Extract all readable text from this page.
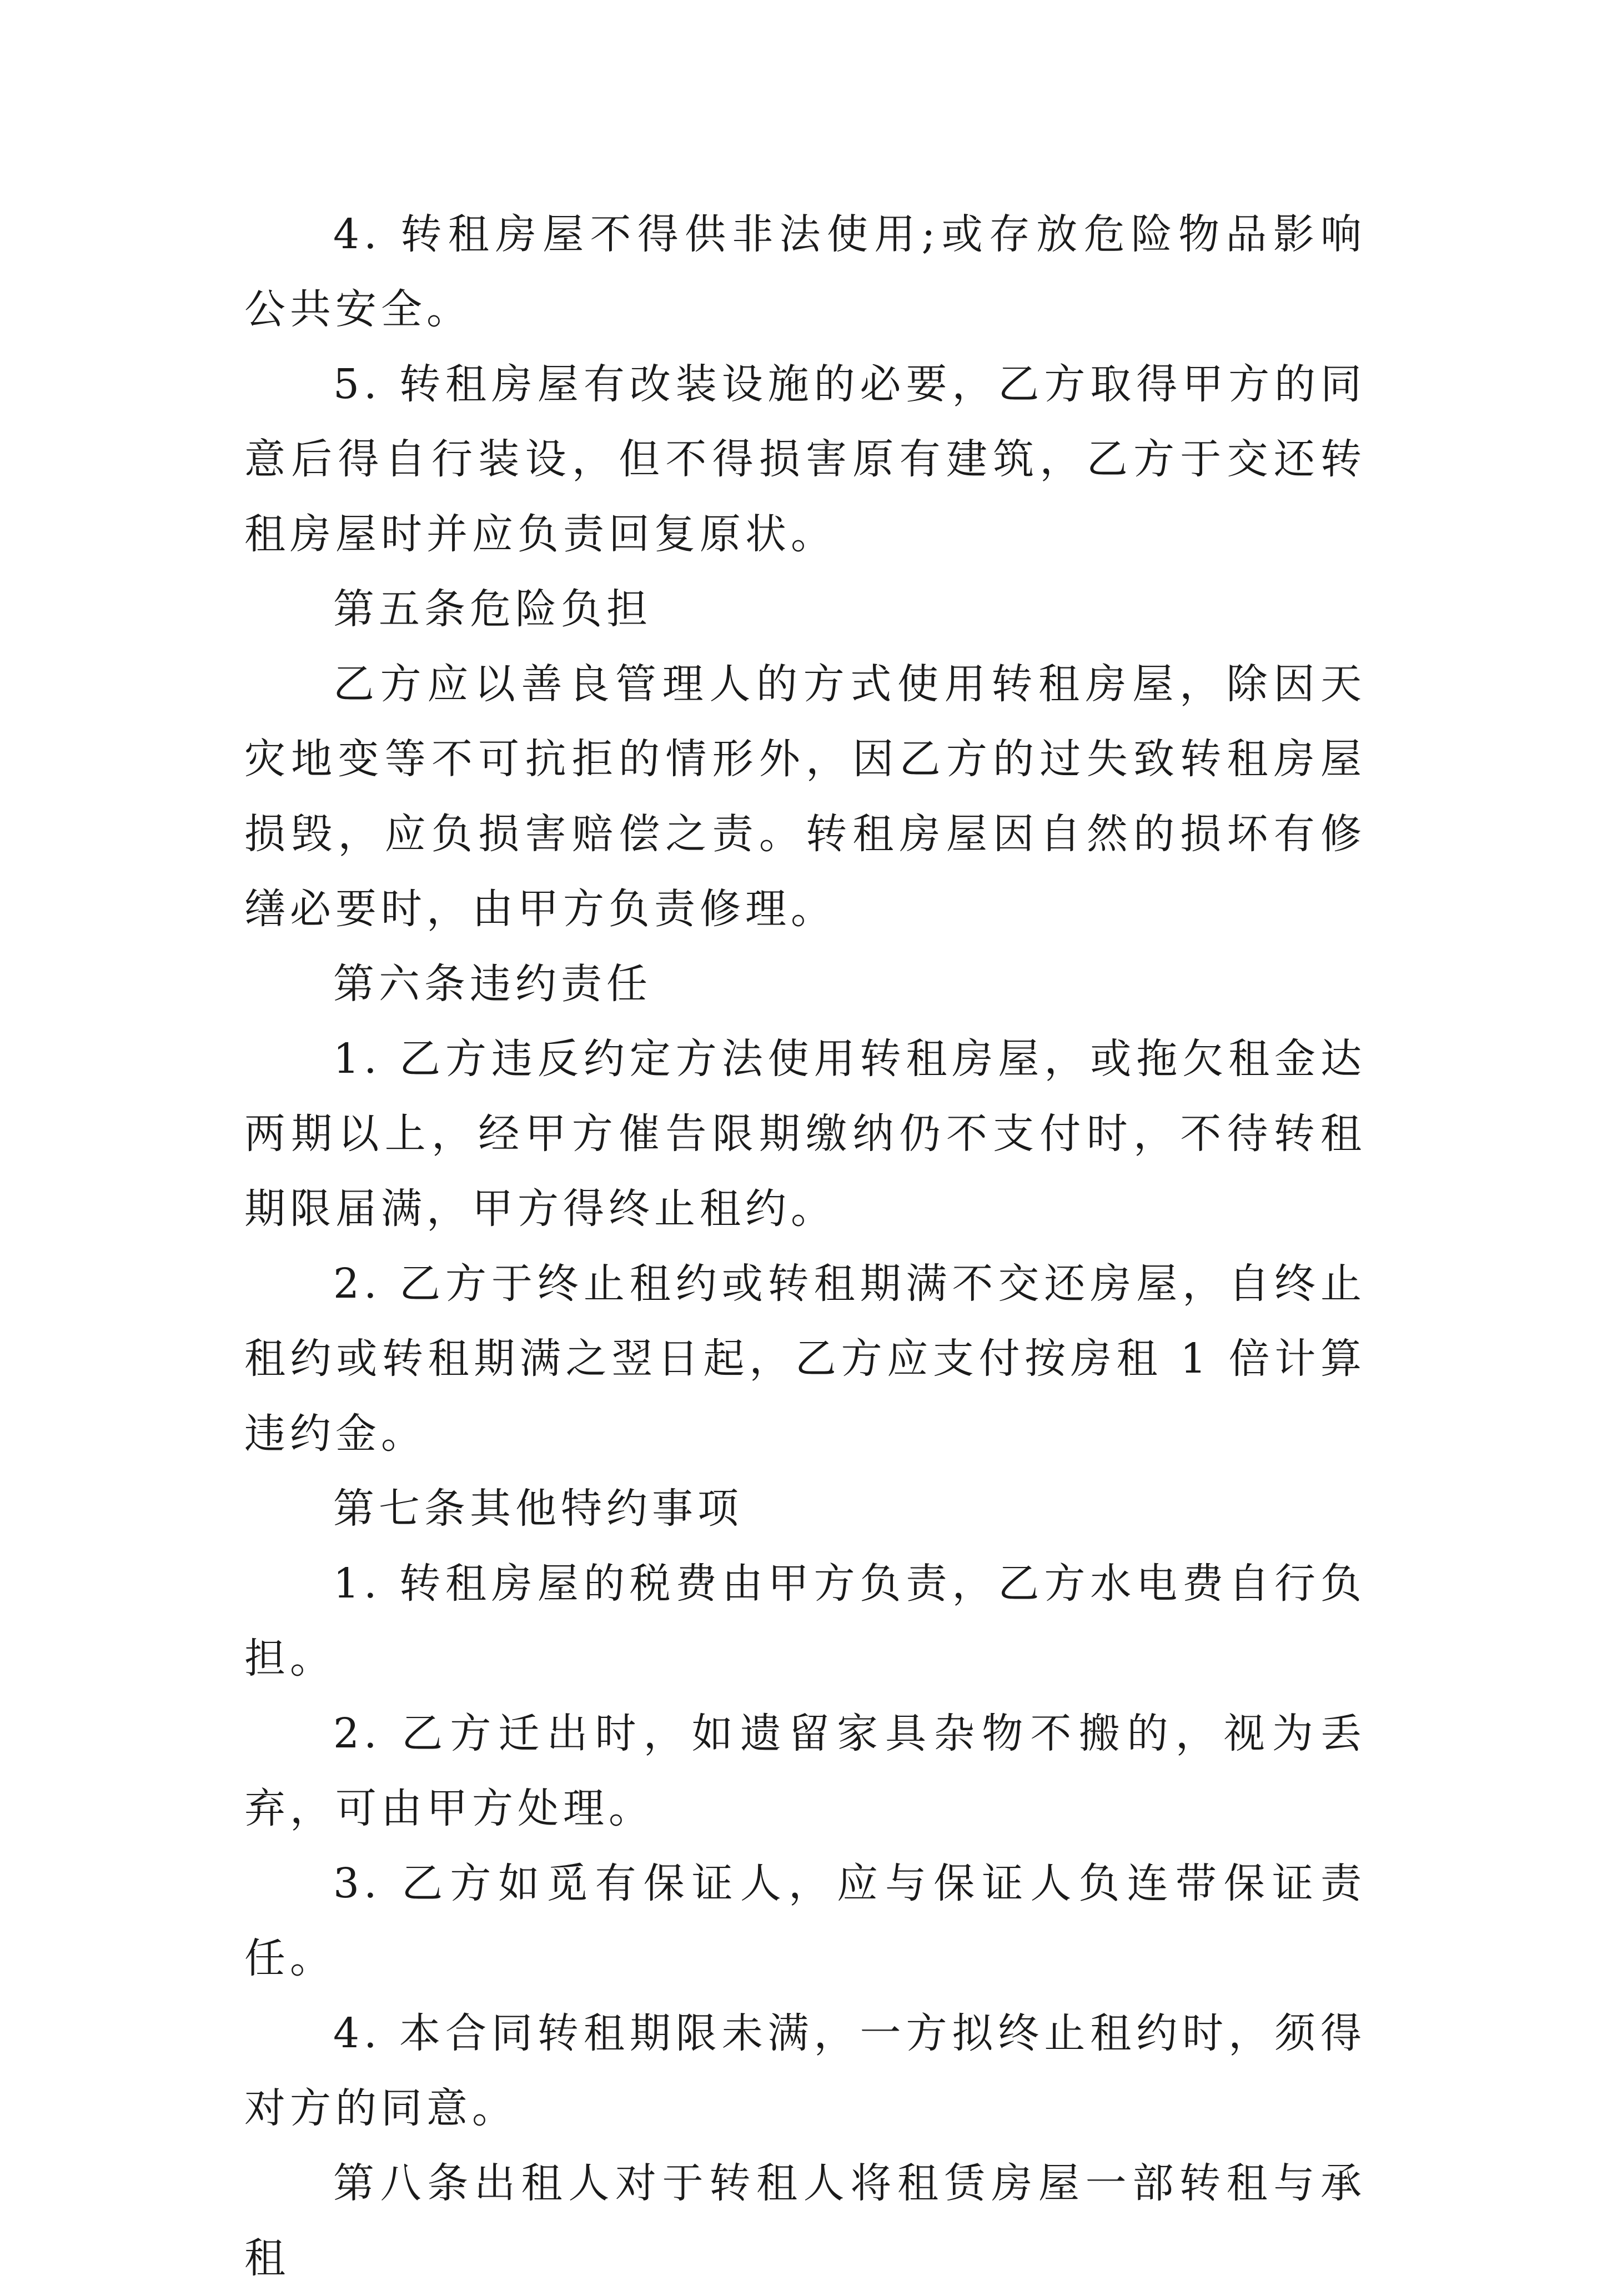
4. 转租房屋不得供非法使用;或存放危险物品影响公共安全。

5. 转租房屋有改装设施的必要，乙方取得甲方的同意后得自行装设，但不得损害原有建筑，乙方于交还转租房屋时并应负责回复原状。

第五条危险负担

乙方应以善良管理人的方式使用转租房屋，除因天灾地变等不可抗拒的情形外，因乙方的过失致转租房屋损毁，应负损害赔偿之责。转租房屋因自然的损坏有修缮必要时，由甲方负责修理。

第六条违约责任

1. 乙方违反约定方法使用转租房屋，或拖欠租金达两期以上，经甲方催告限期缴纳仍不支付时，不待转租期限届满，甲方得终止租约。

2. 乙方于终止租约或转租期满不交还房屋，自终止租约或转租期满之翌日起，乙方应支付按房租 1 倍计算违约金。

第七条其他特约事项

1. 转租房屋的税费由甲方负责，乙方水电费自行负担。

2. 乙方迁出时，如遗留家具杂物不搬的，视为丢弃，可由甲方处理。

3. 乙方如觅有保证人，应与保证人负连带保证责任。

4. 本合同转租期限未满，一方拟终止租约时，须得对方的同意。

第八条出租人对于转租人将租赁房屋一部转租与承租
